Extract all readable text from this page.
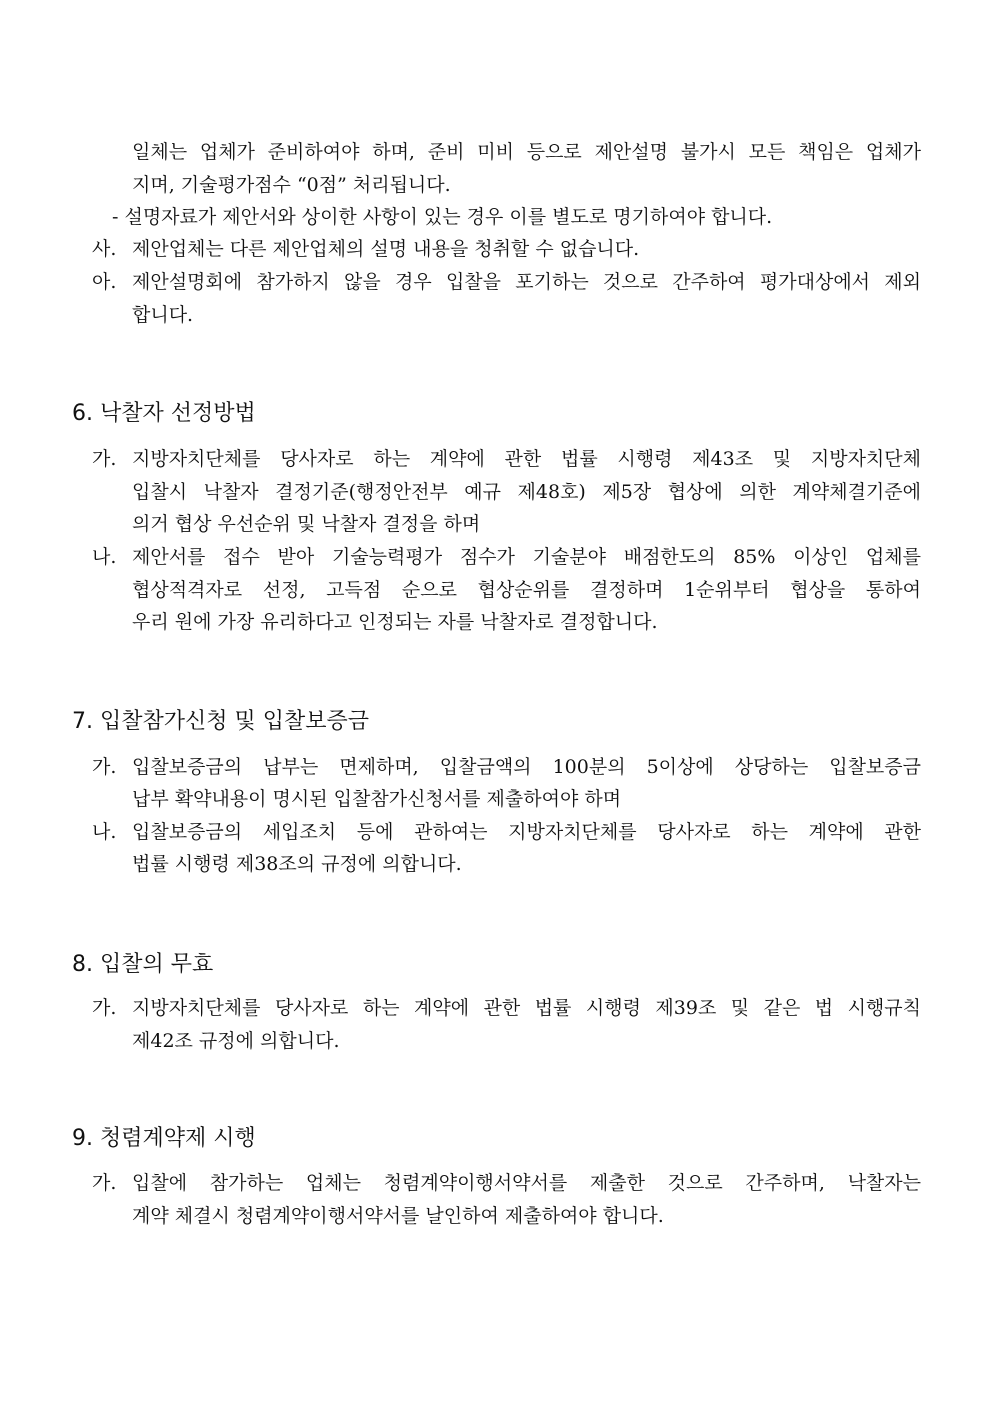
일체는 업체가 준비하여야 하며, 준비 미비 등으로 제안설명 불가시 모든 책임은 업체가
지며, 기술평가점수 “0점” 처리됩니다.
- 설명자료가 제안서와 상이한 사항이 있는 경우 이를 별도로 명기하여야 합니다.
사. 제안업체는 다른 제안업체의 설명 내용을 청취할 수 없습니다.
아. 제안설명회에 참가하지 않을 경우 입찰을 포기하는 것으로 간주하여 평가대상에서 제외
합니다.
6. 낙찰자 선정방법
가. 지방자치단체를 당사자로 하는 계약에 관한 법률 시행령 제43조 및 지방자치단체
입찰시 낙찰자 결정기준(행정안전부 예규 제48호) 제5장 협상에 의한 계약체결기준에
의거 협상 우선순위 및 낙찰자 결정을 하며
나. 제안서를 접수 받아 기술능력평가 점수가 기술분야 배점한도의 85% 이상인 업체를
협상적격자로 선정, 고득점 순으로 협상순위를 결정하며 1순위부터 협상을 통하여
우리 원에 가장 유리하다고 인정되는 자를 낙찰자로 결정합니다.
7. 입찰참가신청 및 입찰보증금
가. 입찰보증금의 납부는 면제하며, 입찰금액의 100분의 5이상에 상당하는 입찰보증금
납부 확약내용이 명시된 입찰참가신청서를 제출하여야 하며
나. 입찰보증금의 세입조치 등에 관하여는 지방자치단체를 당사자로 하는 계약에 관한
법률 시행령 제38조의 규정에 의합니다.
8. 입찰의 무효
가. 지방자치단체를 당사자로 하는 계약에 관한 법률 시행령 제39조 및 같은 법 시행규칙
제42조 규정에 의합니다.
9. 청렴계약제 시행
가. 입찰에 참가하는 업체는 청렴계약이행서약서를 제출한 것으로 간주하며, 낙찰자는
계약 체결시 청렴계약이행서약서를 날인하여 제출하여야 합니다.
